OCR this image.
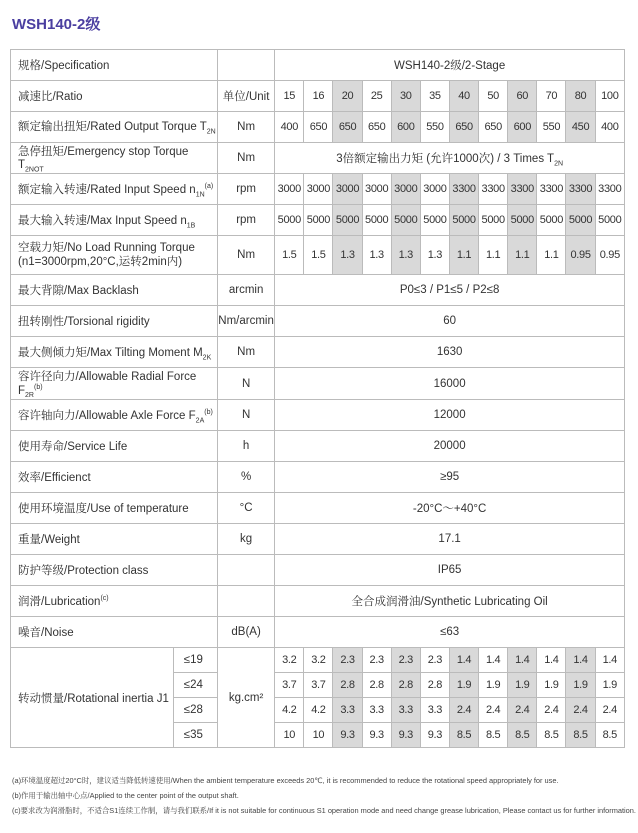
WSH140-2级
规格/Specification			WSH140-2级/2-Stage											
减速比/Ratio		单位/Unit	15	16	20	25	30	35	40	50	60	70	80	100
额定输出扭矩/Rated Output Torque $T_{2N}$		Nm	400	650	650	650	600	550	650	650	600	550	450	400
急停扭矩/Emergency stop Torque $T_{2NOT}$		Nm	3倍额定输出力矩 (允许1000次) / 3 Times $T_{2N}$
额定输入转速/Rated Input Speed $n_{1N}^{(a)}$		rpm	3000	3000	3000	3000	3000	3000	3300	3300	3300	3300	3300	3300
最大输入转速/Max Input Speed $n_{1B}$		rpm	5000	5000	5000	5000	5000	5000	5000	5000	5000	5000	5000	5000

空载力矩/No Load Running Torque
(n1=3000rpm,20°C,运转2min内)		Nm	1.5	1.5	1.3	1.3	1.3	1.3	1.1	1.1	1.1	1.1	0.95	0.95
最大背隙/Max Backlash		arcmin	P0≤3 / P1≤5 / P2≤8											
扭转刚性/Torsional rigidity		Nm/arcmin	60											
最大侧倾力矩/Max Tilting Moment $M_{2K}$		Nm	1630											
容许径向力/Allowable Radial Force $F_{2R}^{(b)}$		N	16000											
容许轴向力/Allowable Axle Force $F_{2A}^{(b)}$		N	12000											
使用寿命/Service Life		h	20000											
效率/Efficienct		%	≥95											
使用环境温度/Use of temperature		°C	-20°C〜+40°C											
重量/Weight		kg	17.1											
防护等级/Protection class			IP65											
润滑/Lubrication$^{(c)}$			全合成润滑油/Synthetic Lubricating Oil											
噪音/Noise		dB(A)	≤63											
转动惯量/Rotational inertia J1	≤19	kg.cm²	3.2	3.2	2.3	2.3	2.3	2.3	1.4	1.4	1.4	1.4	1.4	1.4
	≤24		3.7	3.7	2.8	2.8	2.8	2.8	1.9	1.9	1.9	1.9	1.9	1.9
	≤28		4.2	4.2	3.3	3.3	3.3	3.3	2.4	2.4	2.4	2.4	2.4	2.4
	≤35		10	10	9.3	9.3	9.3	9.3	8.5	8.5	8.5	8.5	8.5	8.5
(a)环境温度超过20°C时，建议适当降低转速使用/When the ambient temperature exceeds 20℃, it is recommended to reduce the rotational speed appropriately for use.
(b)作用于输出轴中心点/Applied to the center point of the output shaft.
(c)要求改为润滑脂时，不适合S1连续工作制，请与我们联系/If it is not suitable for continuous S1 operation mode and need change grease lubrication, Please contact us for further information.
